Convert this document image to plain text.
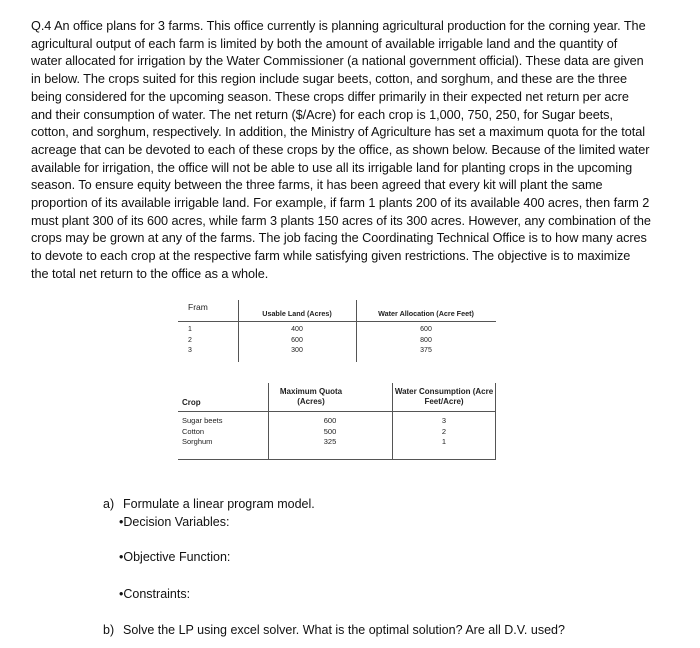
Q.4 An office plans for 3 farms. This office currently is planning agricultural production for the corning year. The agricultural output of each farm is limited by both the amount of available irrigable land and the quantity of water allocated for irrigation by the Water Commissioner (a national government official). These data are given in below. The crops suited for this region include sugar beets, cotton, and sorghum, and these are the three being considered for the upcoming season. These crops differ primarily in their expected net return per acre and their consumption of water. The net return ($/Acre) for each crop is 1,000, 750, 250, for Sugar beets, cotton, and sorghum, respectively. In addition, the Ministry of Agriculture has set a maximum quota for the total acreage that can be devoted to each of these crops by the office, as shown below. Because of the limited water available for irrigation, the office will not be able to use all its irrigable land for planting crops in the upcoming season. To ensure equity between the three farms, it has been agreed that every kit will plant the same proportion of its available irrigable land. For example, if farm 1 plants 200 of its available 400 acres, then farm 2 must plant 300 of its 600 acres, while farm 3 plants 150 acres of its 300 acres. However, any combination of the crops may be grown at any of the farms. The job facing the Coordinating Technical Office is to how many acres to devote to each crop at the respective farm while satisfying given restrictions. The objective is to maximize the total net return to the office as a whole.

Fram
Usable Land (Acres)	Water Allocation (Acre Feet)
1
2
3
400
600
300
600
800
375
Crop
Maximum Quota (Acres)
Water Consumption (Acre Feet/Acre)
Sugar beets
Cotton
Sorghum
600
500
325
3
2
1
a) Formulate a linear program model.
•Decision Variables:
•Objective Function:
•Constraints:
b) Solve the LP using excel solver. What is the optimal solution? Are all D.V. used?
